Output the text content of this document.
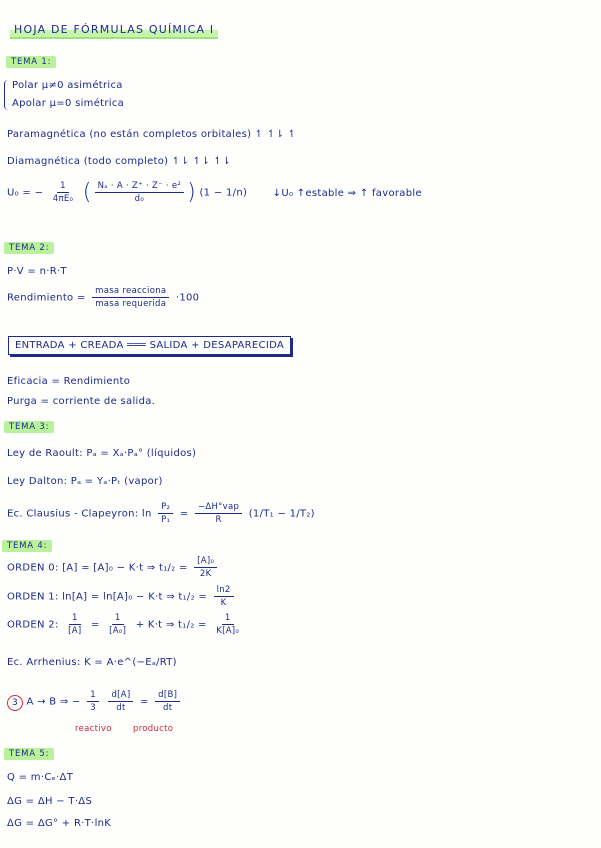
HOJA DE FÓRMULAS QUÍMICA I
TEMA 1:
Polar μ≠0 asimétrica
Apolar μ=0 simétrica
Paramagnética (no están completos orbitales) ↿ ↿⇂ ↿
Diamagnética (todo completo) ↿⇂ ↿⇂ ↿⇂
U₀ = − $\frac{1}{\text{4πE₀}}$ ( $\frac{\text{Nₐ · A · Z⁺ · Z⁻ · e²}}{\text{d₀}}$ ) (1 − 1/n)	↓U₀ ↑estable ⇒ ↑ favorable
TEMA 2:
P·V = n·R·T
Rendimiento = $\frac{\text{masa reacciona}}{\text{masa requerida}} \cdot 100$
ENTRADA + CREADA ═══ SALIDA + DESAPARECIDA
Eficacia = Rendimiento
Purga = corriente de salida.
TEMA 3:
Ley de Raoult: Pₐ = Xₐ·Pₐ° (líquidos)
Ley Dalton: Pₐ = Yₐ·Pₜ (vapor)
Ec. Clausius - Clapeyron: $\ln \frac{\text{P₂}}{\text{P₁}} = \frac{\text{−ΔH°vap}}{R} (1/T_1 - 1/T_2)$
TEMA 4:
ORDEN 0: [A] = [A]₀ − K·t ⇒ $t_1/_2 = \frac{\text{[A]₀}}{2K}$
ORDEN 1: ln[A] = ln[A]₀ − K·t ⇒ $t_1/_2 = \frac{\ln 2}{K}$
ORDEN 2: $\frac{1}{[A]} = \frac{1}{\text{[A₀]}} + K\cdot t$ ⇒ $t_1/_2 = \frac{1}{\text{K[A]₀}}$
Ec. Arrhenius: K = A·e^(−Eₐ/RT)
3 A → B ⇒ − $\frac{1}{3}$
$\frac{d[A]}{dt} = \frac{d[B]}{dt}$
reactivo	producto
TEMA 5:
Q = m·Cₑ·ΔT
ΔG = ΔH − T·ΔS
ΔG = ΔG° + R·T·lnK
